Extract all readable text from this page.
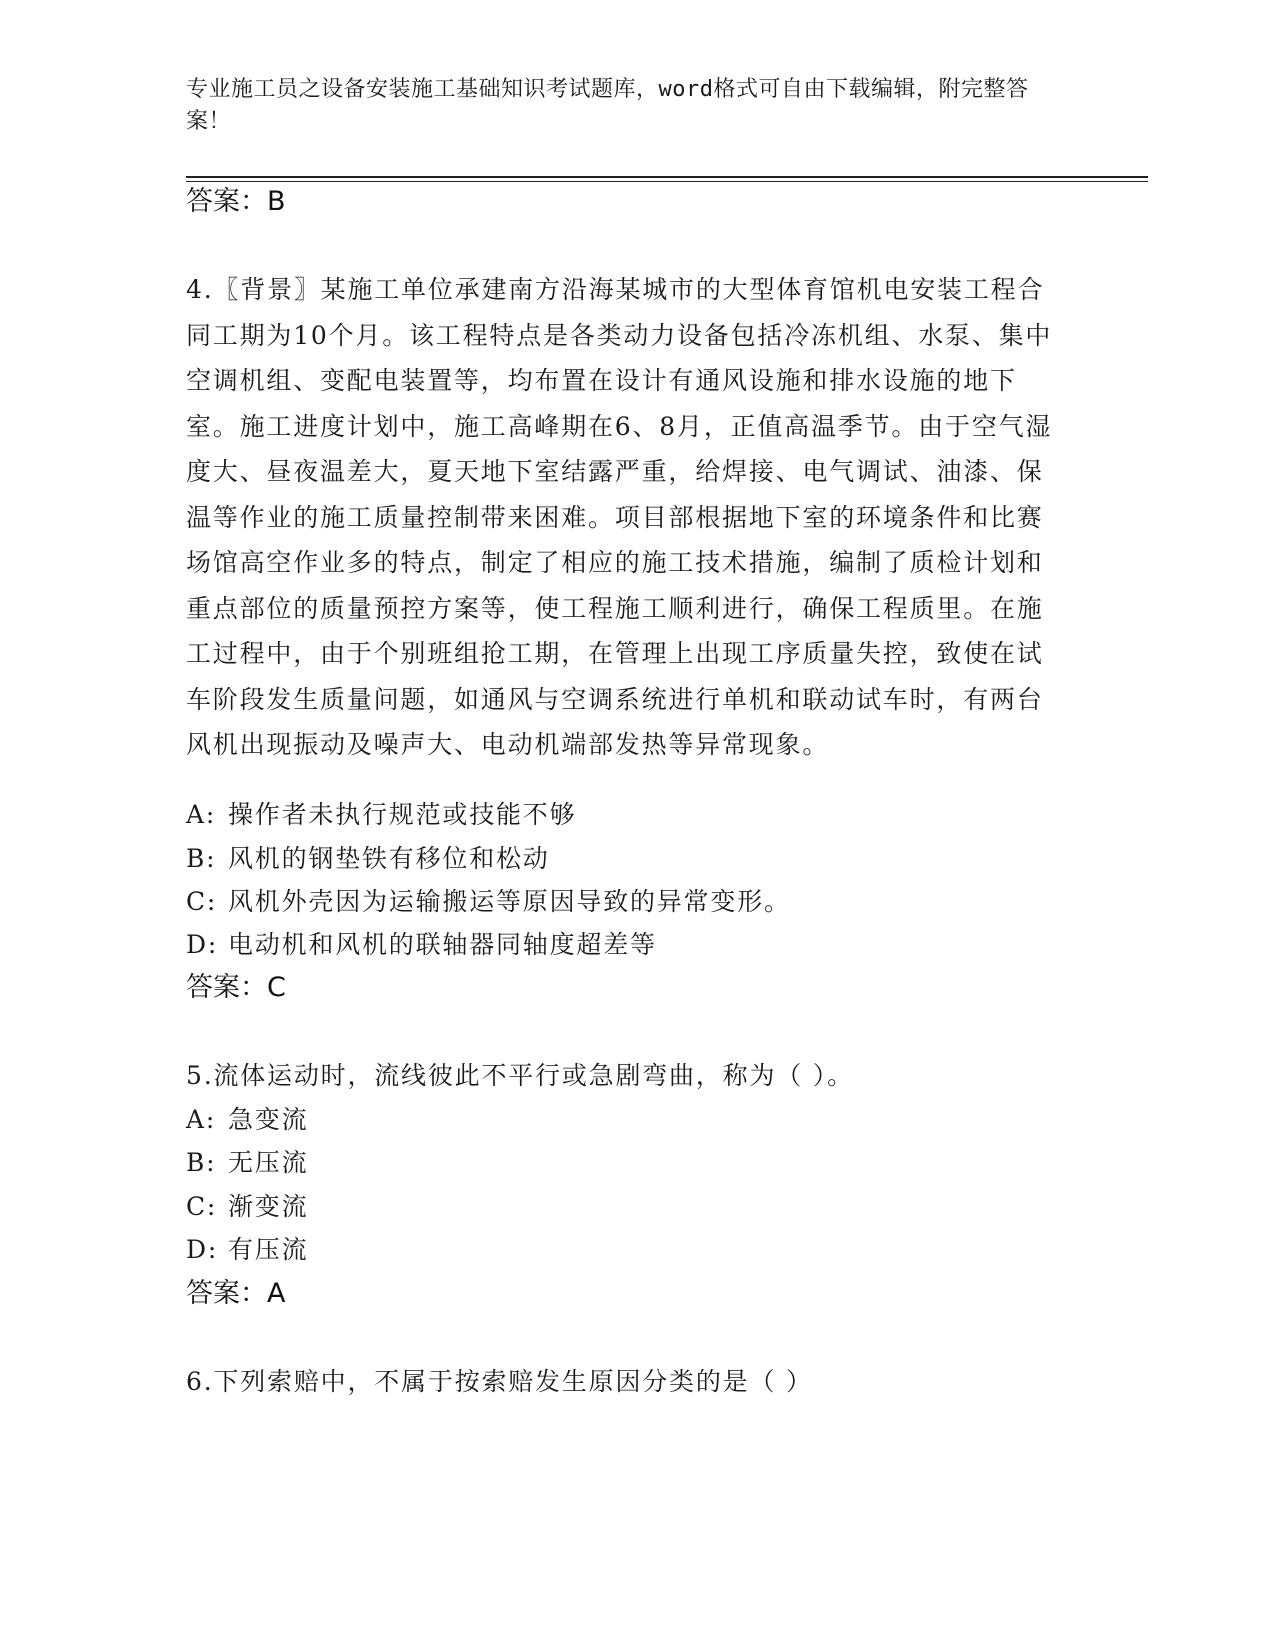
专业施工员之设备安装施工基础知识考试题库，word格式可自由下载编辑，附完整答案！
答案：B
4.〖背景〗某施工单位承建南方沿海某城市的大型体育馆机电安装工程合同工期为10个月。该工程特点是各类动力设备包括冷冻机组、水泵、集中空调机组、变配电装置等，均布置在设计有通风设施和排水设施的地下室。施工进度计划中，施工高峰期在6、8月，正值高温季节。由于空气湿度大、昼夜温差大，夏天地下室结露严重，给焊接、电气调试、油漆、保温等作业的施工质量控制带来困难。项目部根据地下室的环境条件和比赛场馆高空作业多的特点，制定了相应的施工技术措施，编制了质检计划和重点部位的质量预控方案等，使工程施工顺利进行，确保工程质里。在施工过程中，由于个别班组抢工期，在管理上出现工序质量失控，致使在试车阶段发生质量问题，如通风与空调系统进行单机和联动试车时，有两台风机出现振动及噪声大、电动机端部发热等异常现象。
A: 操作者未执行规范或技能不够
B: 风机的钢垫铁有移位和松动
C: 风机外壳因为运输搬运等原因导致的异常变形。
D: 电动机和风机的联轴器同轴度超差等
答案：C
5.流体运动时，流线彼此不平行或急剧弯曲，称为（ ）。
A: 急变流
B: 无压流
C: 渐变流
D: 有压流
答案：A
6.下列索赔中，不属于按索赔发生原因分类的是（ ）
